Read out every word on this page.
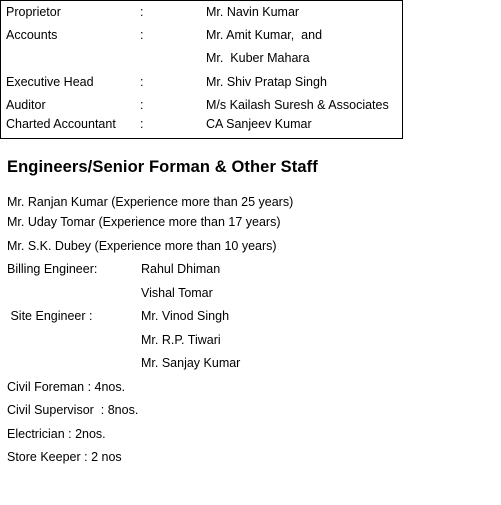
Proprietor	:	Mr. Navin Kumar
Accounts	:	Mr. Amit Kumar,  and
Mr.  Kuber Mahara
Executive Head	:	Mr. Shiv Pratap Singh
Auditor	:	M/s Kailash Suresh & Associates
Charted Accountant :	CA Sanjeev Kumar
Engineers/Senior Forman & Other Staff
Mr. Ranjan Kumar (Experience more than 25 years)
Mr. Uday Tomar (Experience more than 17 years)
Mr. S.K. Dubey (Experience more than 10 years)
Billing Engineer:	Rahul Dhiman
Vishal Tomar
Site Engineer :	Mr. Vinod Singh
Mr. R.P. Tiwari
Mr. Sanjay Kumar
Civil Foreman : 4nos.
Civil Supervisor  : 8nos.
Electrician : 2nos.
Store Keeper : 2 nos
